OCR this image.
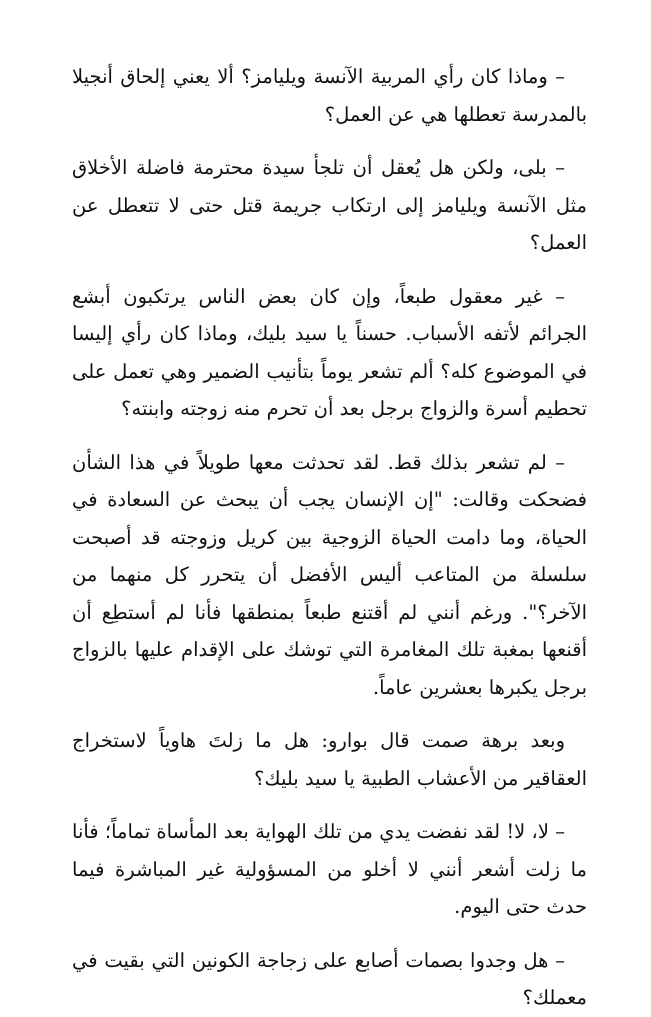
– وماذا كان رأي المربية الآنسة ويليامز؟ ألا يعني إلحاق أنجيلا بالمدرسة تعطلها هي عن العمل؟

– بلى، ولكن هل يُعقل أن تلجأ سيدة محترمة فاضلة الأخلاق مثل الآنسة ويليامز إلى ارتكاب جريمة قتل حتى لا تتعطل عن العمل؟

– غير معقول طبعاً، وإن كان بعض الناس يرتكبون أبشع الجرائم لأتفه الأسباب. حسناً يا سيد بليك، وماذا كان رأي إليسا في الموضوع كله؟ ألم تشعر يوماً بتأنيب الضمير وهي تعمل على تحطيم أسرة والزواج برجل بعد أن تحرم منه زوجته وابنته؟

– لم تشعر بذلك قط. لقد تحدثت معها طويلاً في هذا الشأن فضحكت وقالت: "إن الإنسان يجب أن يبحث عن السعادة في الحياة، وما دامت الحياة الزوجية بين كريل وزوجته قد أصبحت سلسلة من المتاعب أليس الأفضل أن يتحرر كل منهما من الآخر؟". ورغم أنني لم أقتنع طبعاً بمنطقها فأنا لم أستطِع أن أقنعها بمغبة تلك المغامرة التي توشك على الإقدام عليها بالزواج برجل يكبرها بعشرين عاماً.

وبعد برهة صمت قال بوارو: هل ما زلتَ هاوياً لاستخراج العقاقير من الأعشاب الطبية يا سيد بليك؟

– لا، لا! لقد نفضت يدي من تلك الهواية بعد المأساة تماماً؛ فأنا ما زلت أشعر أنني لا أخلو من المسؤولية غير المباشرة فيما حدث حتى اليوم.

– هل وجدوا بصمات أصابع على زجاجة الكونين التي بقيت في معملك؟
